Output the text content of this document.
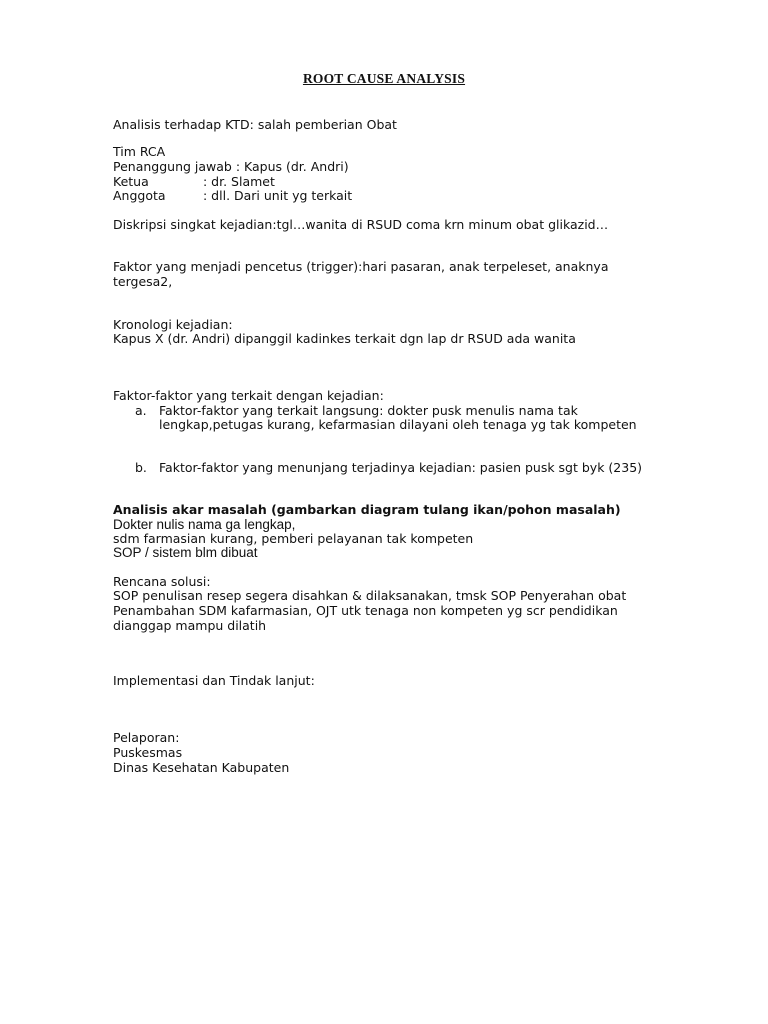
ROOT CAUSE ANALYSIS
Analisis terhadap KTD: salah pemberian Obat
Tim RCA
Penanggung jawab : Kapus (dr. Andri)
Ketua	: dr. Slamet
Anggota	: dll. Dari unit yg terkait
Diskripsi singkat kejadian:tgl…wanita di RSUD coma krn minum obat glikazid…
Faktor yang menjadi pencetus (trigger):hari pasaran, anak terpeleset, anaknya
tergesa2,
Kronologi kejadian:
Kapus X (dr. Andri) dipanggil kadinkes terkait dgn lap dr RSUD ada wanita
Faktor-faktor yang terkait dengan kejadian:
a. Faktor-faktor yang terkait langsung: dokter pusk menulis nama tak
lengkap,petugas kurang, kefarmasian dilayani oleh tenaga yg tak kompeten
b. Faktor-faktor yang menunjang terjadinya kejadian: pasien pusk sgt byk (235)
Analisis akar masalah (gambarkan diagram tulang ikan/pohon masalah)
Dokter nulis nama ga lengkap,
sdm farmasian kurang, pemberi pelayanan tak kompeten
SOP / sistem blm dibuat
Rencana solusi:
SOP penulisan resep segera disahkan & dilaksanakan, tmsk SOP Penyerahan obat
Penambahan SDM kafarmasian, OJT utk tenaga non kompeten yg scr pendidikan
dianggap mampu dilatih
Implementasi dan Tindak lanjut:
Pelaporan:
Puskesmas
Dinas Kesehatan Kabupaten
